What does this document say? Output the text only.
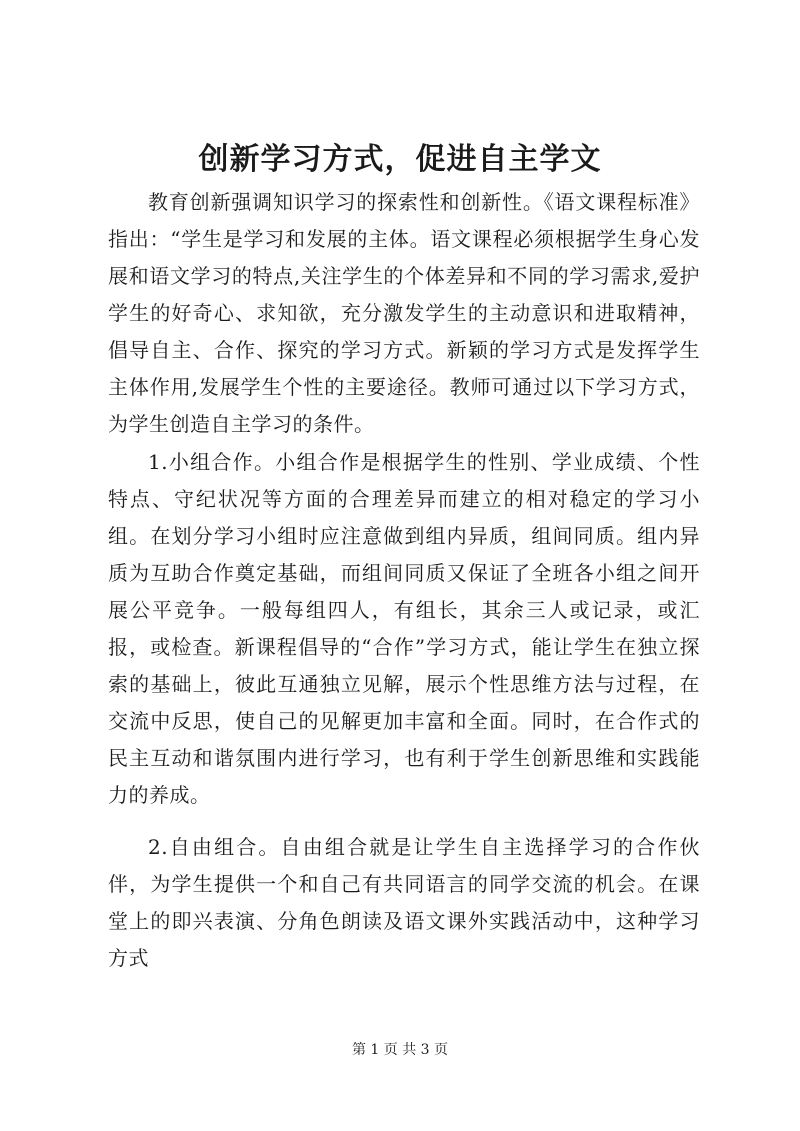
创新学习方式，促进自主学文

教育创新强调知识学习的探索性和创新性。《语文课程标准》指出：“学生是学习和发展的主体。语文课程必须根据学生身心发展和语文学习的特点,关注学生的个体差异和不同的学习需求,爱护学生的好奇心、求知欲，充分激发学生的主动意识和进取精神，倡导自主、合作、探究的学习方式。新颖的学习方式是发挥学生主体作用,发展学生个性的主要途径。教师可通过以下学习方式，为学生创造自主学习的条件。

1.小组合作。小组合作是根据学生的性别、学业成绩、个性特点、守纪状况等方面的合理差异而建立的相对稳定的学习小组。在划分学习小组时应注意做到组内异质，组间同质。组内异质为互助合作奠定基础，而组间同质又保证了全班各小组之间开展公平竞争。一般每组四人，有组长，其余三人或记录，或汇报，或检查。新课程倡导的“合作”学习方式，能让学生在独立探索的基础上，彼此互通独立见解，展示个性思维方法与过程，在交流中反思，使自己的见解更加丰富和全面。同时，在合作式的民主互动和谐氛围内进行学习，也有利于学生创新思维和实践能力的养成。

2.自由组合。自由组合就是让学生自主选择学习的合作伙伴，为学生提供一个和自己有共同语言的同学交流的机会。在课堂上的即兴表演、分角色朗读及语文课外实践活动中，这种学习方式

第 1 页 共 3 页
